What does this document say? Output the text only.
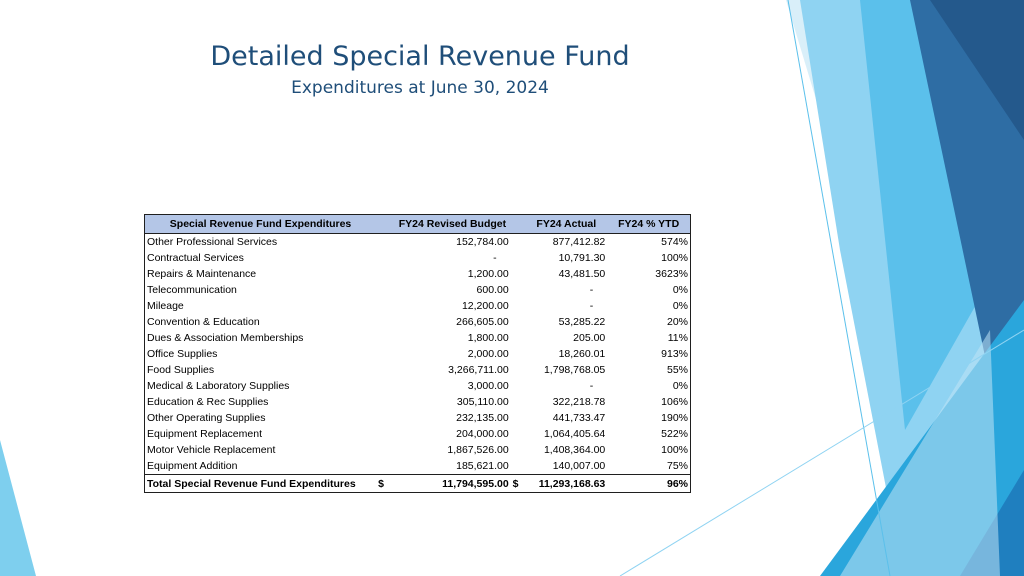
Detailed Special Revenue Fund
Expenditures at June 30, 2024
Special Revenue Fund Expenditures		FY24 Revised Budget		FY24 Actual	FY24 % YTD
Other Professional Services		152,784.00		877,412.82	574%
Contractual Services		-		10,791.30	100%
Repairs & Maintenance		1,200.00		43,481.50	3623%
Telecommunication		600.00		-	0%
Mileage		12,200.00		-	0%
Convention & Education		266,605.00		53,285.22	20%
Dues & Association Memberships		1,800.00		205.00	11%
Office Supplies		2,000.00		18,260.01	913%
Food Supplies		3,266,711.00		1,798,768.05	55%
Medical & Laboratory Supplies		3,000.00		-	0%
Education & Rec Supplies		305,110.00		322,218.78	106%
Other Operating Supplies		232,135.00		441,733.47	190%
Equipment Replacement		204,000.00		1,064,405.64	522%
Motor Vehicle Replacement		1,867,526.00		1,408,364.00	100%
Equipment Addition		185,621.00		140,007.00	75%
Total Special Revenue Fund Expenditures	$	11,794,595.00	$	11,293,168.63	96%
